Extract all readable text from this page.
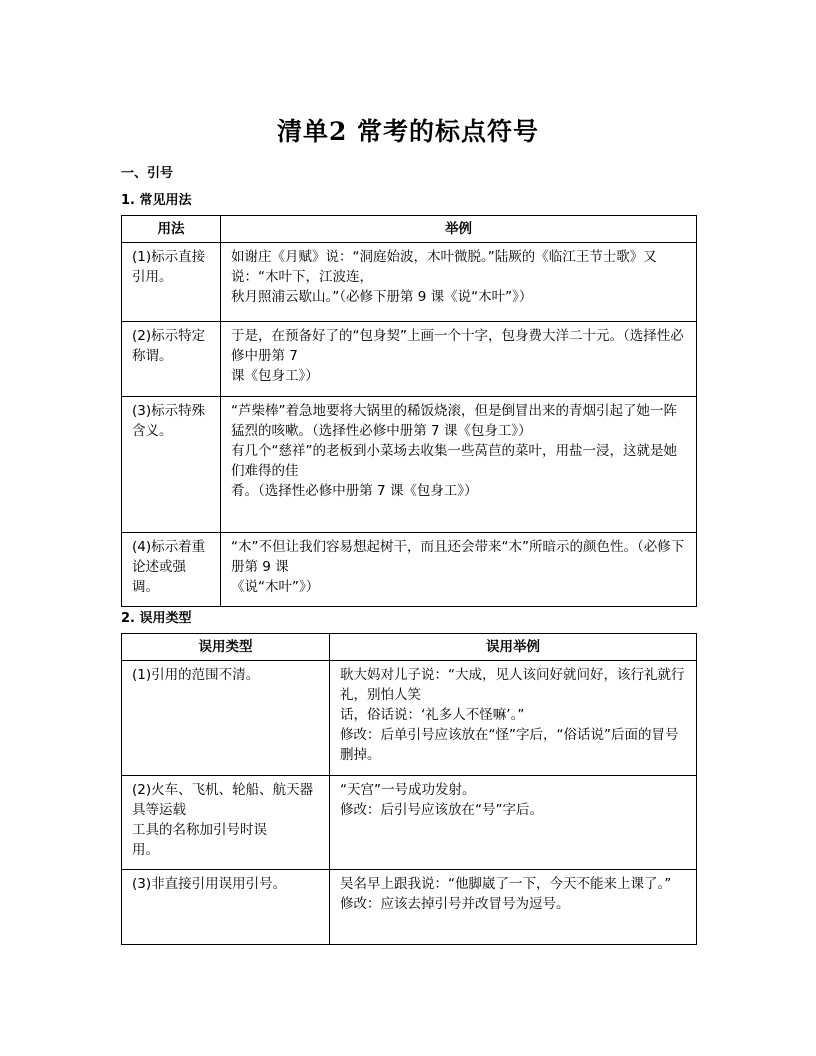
清单2 常考的标点符号
一、引号
1. 常见用法
用法	举例

(1)标示直接引用。	如谢庄《月赋》说：“洞庭始波，木叶微脱。”陆厥的《临江王节士歌》又说：“木叶下，江波连，
秋月照浦云歇山。”（必修下册第 9 课《说“木叶”》）

(2)标示特定称谓。	于是，在预备好了的“包身契”上画一个十字，包身费大洋二十元。（选择性必修中册第 7
课《包身工》）

(3)标示特殊含义。	“芦柴棒”着急地要将大锅里的稀饭烧滚，但是倒冒出来的青烟引起了她一阵猛烈的咳嗽。（选择性必修中册第 7 课《包身工》）
有几个“慈祥”的老板到小菜场去收集一些莴苣的菜叶，用盐一浸，这就是她们难得的佳
肴。（选择性必修中册第 7 课《包身工》）

(4)标示着重论述或强调。	“木”不但让我们容易想起树干，而且还会带来“木”所暗示的颜色性。（必修下册第 9 课
《说“木叶”》）
2. 误用类型
误用类型	误用举例

(1)引用的范围不清。	耿大妈对儿子说：“大成，见人该问好就问好，该行礼就行礼，别怕人笑
话，俗话说：‘礼多人不怪嘛’。”
修改：后单引号应该放在“怪”字后，“俗话说”后面的冒号删掉。

(2)火车、飞机、轮船、航天器具等运载
工具的名称加引号时误
用。	“天宫”一号成功发射。
修改：后引号应该放在“号”字后。

(3)非直接引用误用引号。	吴名早上跟我说：“他脚崴了一下，今天不能来上课了。”
修改：应该去掉引号并改冒号为逗号。
